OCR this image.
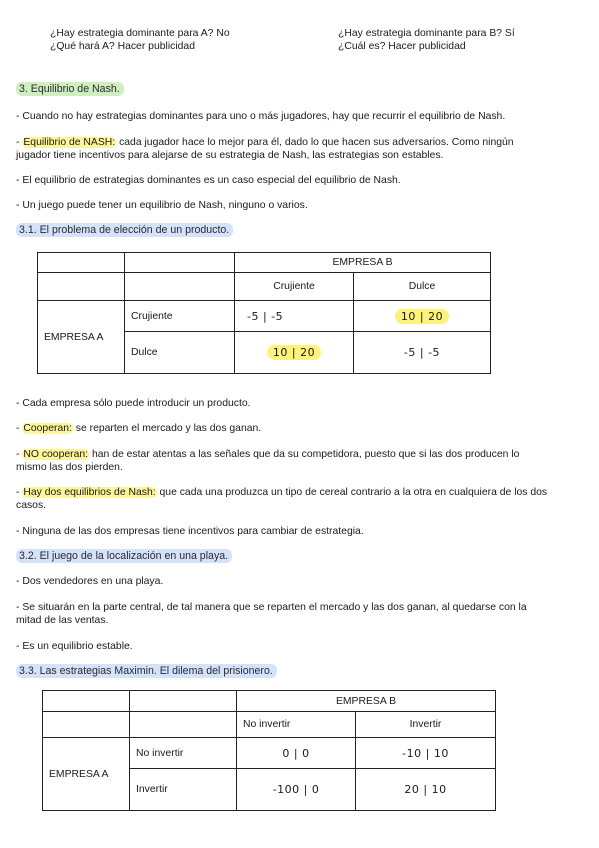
¿Hay estrategia dominante para A? No
¿Qué hará A? Hacer publicidad
¿Hay estrategia dominante para B? Sí
¿Cuál es? Hacer publicidad
3. Equilibrio de Nash.
- Cuando no hay estrategias dominantes para uno o más jugadores, hay que recurrir el equilibrio de Nash.
- Equilibrio de NASH: cada jugador hace lo mejor para él, dado lo que hacen sus adversarios. Como ningún
jugador tiene incentivos para alejarse de su estrategia de Nash, las estrategias son estables.
- El equilibrio de estrategias dominantes es un caso especial del equilibrio de Nash.
- Un juego puede tener un equilibrio de Nash, ninguno o varios.
3.1. El problema de elección de un producto.
		EMPRESA B	
		Crujiente	Dulce
EMPRESA A	Crujiente	-5 | -5	10 | 20
	Dulce	10 | 20	-5 | -5
- Cada empresa sólo puede introducir un producto.
- Cooperan: se reparten el mercado y las dos ganan.
- NO cooperan: han de estar atentas a las señales que da su competidora, puesto que si las dos producen lo
mismo las dos pierden.
- Hay dos equilibrios de Nash: que cada una produzca un tipo de cereal contrario a la otra en cualquiera de los dos
casos.
- Ninguna de las dos empresas tiene incentivos para cambiar de estrategia.
3.2. El juego de la localización en una playa.
- Dos vendedores en una playa.
- Se situarán en la parte central, de tal manera que se reparten el mercado y las dos ganan, al quedarse con la
mitad de las ventas.
- Es un equilibrio estable.
3.3. Las estrategias Maximin. El dilema del prisionero.
		EMPRESA B	
		No invertir	Invertir
EMPRESA A	No invertir	0 | 0	-10 | 10
	Invertir	-100 | 0	20 | 10
